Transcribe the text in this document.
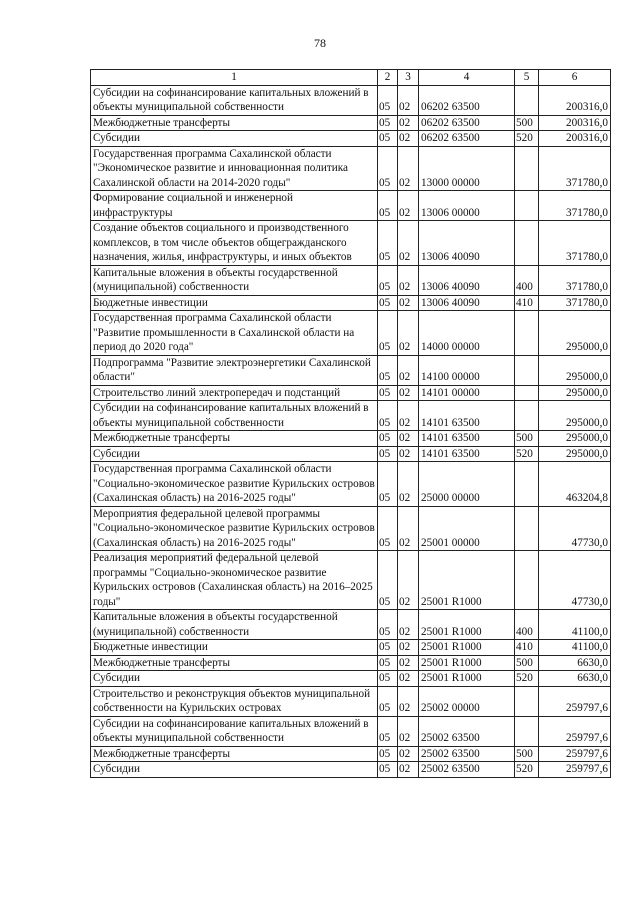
78
1	2	3	4	5	6
Субсидии на софинансирование капитальных вложений в объекты муниципальной собственности	05	02	06202 63500		200316,0
Межбюджетные трансферты	05	02	06202 63500	500	200316,0
Субсидии	05	02	06202 63500	520	200316,0
Государственная программа Сахалинской области "Экономическое развитие и инновационная политика Сахалинской области на 2014-2020 годы"	05	02	13000 00000		371780,0
Формирование социальной и инженерной инфраструктуры	05	02	13006 00000		371780,0
Создание объектов социального и производственного комплексов, в том числе объектов общегражданского назначения, жилья, инфраструктуры, и иных объектов	05	02	13006 40090		371780,0
Капитальные вложения в объекты государственной (муниципальной) собственности	05	02	13006 40090	400	371780,0
Бюджетные инвестиции	05	02	13006 40090	410	371780,0
Государственная программа Сахалинской области "Развитие промышленности в Сахалинской области на период до 2020 года"	05	02	14000 00000		295000,0
Подпрограмма "Развитие электроэнергетики Сахалинской области"	05	02	14100 00000		295000,0
Строительство линий электропередач и подстанций	05	02	14101 00000		295000,0
Субсидии на софинансирование капитальных вложений в объекты муниципальной собственности	05	02	14101 63500		295000,0
Межбюджетные трансферты	05	02	14101 63500	500	295000,0
Субсидии	05	02	14101 63500	520	295000,0
Государственная программа Сахалинской области "Социально-экономическое развитие Курильских островов (Сахалинская область) на 2016-2025 годы"	05	02	25000 00000		463204,8
Мероприятия федеральной целевой программы "Социально-экономическое развитие Курильских островов (Сахалинская область) на 2016-2025 годы"	05	02	25001 00000		47730,0
Реализация мероприятий федеральной целевой программы "Социально-экономическое развитие Курильских островов (Сахалинская область) на 2016–2025 годы"	05	02	25001 R1000		47730,0
Капитальные вложения в объекты государственной (муниципальной) собственности	05	02	25001 R1000	400	41100,0
Бюджетные инвестиции	05	02	25001 R1000	410	41100,0
Межбюджетные трансферты	05	02	25001 R1000	500	6630,0
Субсидии	05	02	25001 R1000	520	6630,0
Строительство и реконструкция объектов муниципальной собственности на Курильских островах	05	02	25002 00000		259797,6
Субсидии на софинансирование капитальных вложений в объекты муниципальной собственности	05	02	25002 63500		259797,6
Межбюджетные трансферты	05	02	25002 63500	500	259797,6
Субсидии	05	02	25002 63500	520	259797,6
